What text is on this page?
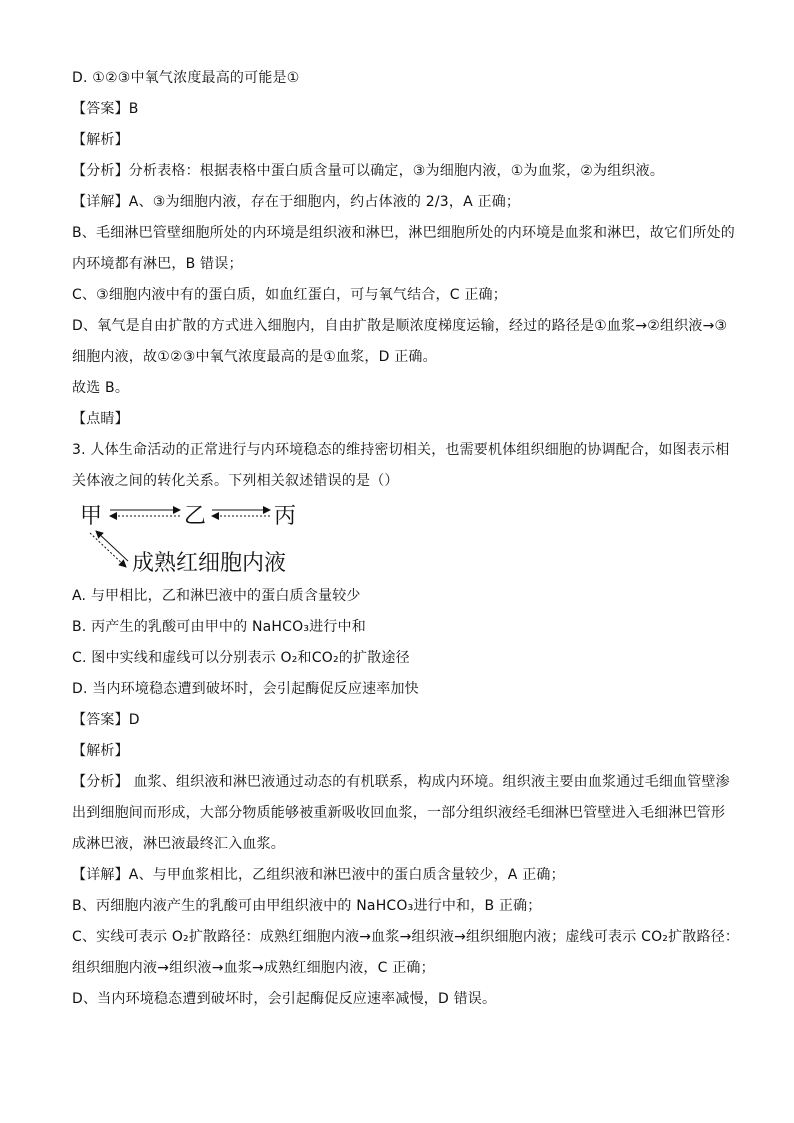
D. ①②③中氧气浓度最高的可能是①
【答案】B
【解析】
【分析】分析表格：根据表格中蛋白质含量可以确定，③为细胞内液，①为血浆，②为组织液。
【详解】A、③为细胞内液，存在于细胞内，约占体液的 2/3，A 正确；
B、毛细淋巴管壁细胞所处的内环境是组织液和淋巴，淋巴细胞所处的内环境是血浆和淋巴，故它们所处的
内环境都有淋巴，B 错误；
C、③细胞内液中有的蛋白质，如血红蛋白，可与氧气结合，C 正确；
D、氧气是自由扩散的方式进入细胞内，自由扩散是顺浓度梯度运输，经过的路径是①血浆→②组织液→③
细胞内液，故①②③中氧气浓度最高的是①血浆，D 正确。
故选 B。
【点睛】
3. 人体生命活动的正常进行与内环境稳态的维持密切相关，也需要机体组织细胞的协调配合，如图表示相
关体液之间的转化关系。下列相关叙述错误的是（）
甲	乙	丙
成熟红细胞内液
A. 与甲相比，乙和淋巴液中的蛋白质含量较少
B. 丙产生的乳酸可由甲中的 NaHCO₃进行中和
C. 图中实线和虚线可以分别表示 O₂和CO₂的扩散途径
D. 当内环境稳态遭到破坏时，会引起酶促反应速率加快
【答案】D
【解析】
【分析】 血浆、组织液和淋巴液通过动态的有机联系，构成内环境。组织液主要由血浆通过毛细血管壁渗
出到细胞间而形成，大部分物质能够被重新吸收回血浆，一部分组织液经毛细淋巴管壁进入毛细淋巴管形
成淋巴液，淋巴液最终汇入血浆。
【详解】A、与甲血浆相比，乙组织液和淋巴液中的蛋白质含量较少，A 正确；
B、丙细胞内液产生的乳酸可由甲组织液中的 NaHCO₃进行中和，B 正确；
C、实线可表示 O₂扩散路径：成熟红细胞内液→血浆→组织液→组织细胞内液；虚线可表示 CO₂扩散路径：
组织细胞内液→组织液→血浆→成熟红细胞内液，C 正确；
D、当内环境稳态遭到破坏时，会引起酶促反应速率减慢，D 错误。
